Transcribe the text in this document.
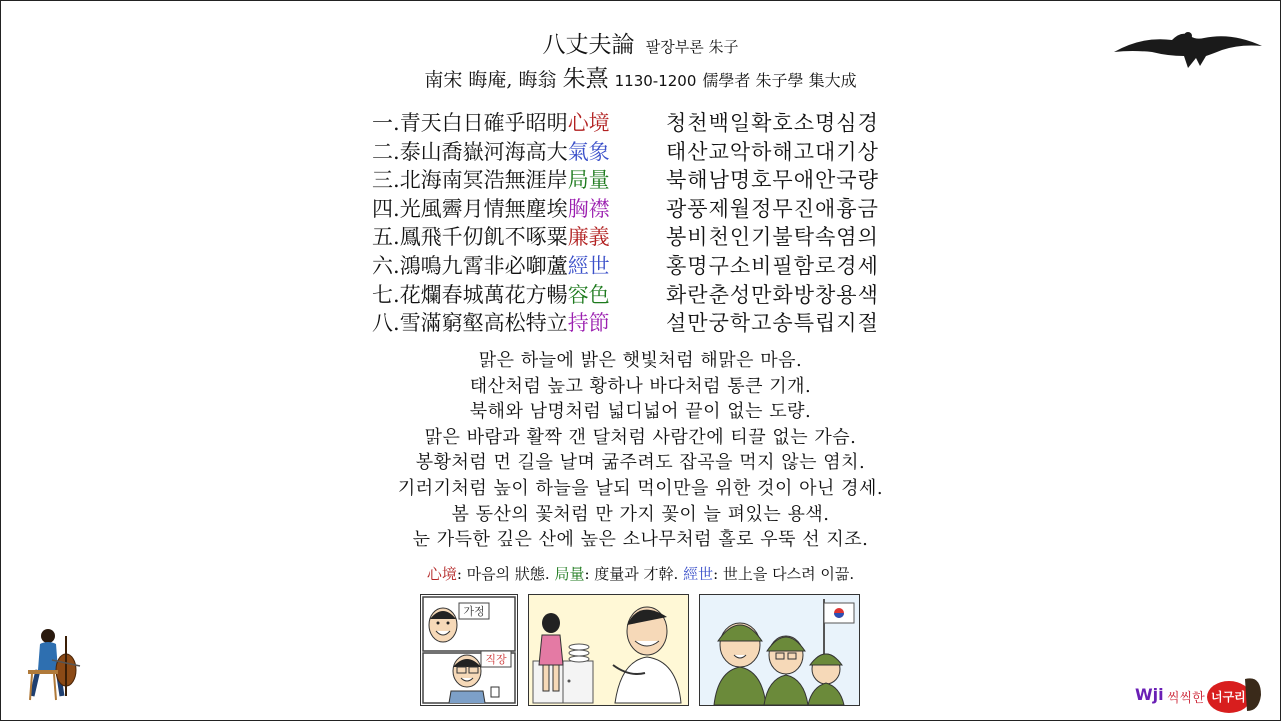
八丈夫論 팔장부론 朱子
南宋 晦庵, 晦翁 朱熹 1130-1200 儒學者 朱子學 集大成
一.青天白日確乎昭明心境	청천백일확호소명심경
二.泰山喬嶽河海高大氣象	태산교악하해고대기상
三.北海南冥浩無涯岸局量	북해남명호무애안국량
四.光風霽月情無塵埃胸襟	광풍제월정무진애흉금
五.鳳飛千仞飢不啄粟廉義	봉비천인기불탁속염의
六.鴻鳴九霄非必啣蘆經世	홍명구소비필함로경세
七.花爛春城萬花方暢容色	화란춘성만화방창용색
八.雪滿窮壑高松特立持節	설만궁학고송특립지절
맑은 하늘에 밝은 햇빛처럼 해맑은 마음.
태산처럼 높고 황하나 바다처럼 통큰 기개.
북해와 남명처럼 넓디넓어 끝이 없는 도량.
맑은 바람과 활짝 갠 달처럼 사람간에 티끌 없는 가슴.
봉황처럼 먼 길을 날며 굶주려도 잡곡을 먹지 않는 염치.
기러기처럼 높이 하늘을 날되 먹이만을 위한 것이 아닌 경세.
봄 동산의 꽃처럼 만 가지 꽃이 늘 펴있는 용색.
눈 가득한 깊은 산에 높은 소나무처럼 홀로 우뚝 선 지조.
心境: 마음의 狀態. 局量: 度量과 才幹. 經世: 世上을 다스려 이끎.
가정
직장
Wji 씩씩한 너구리
